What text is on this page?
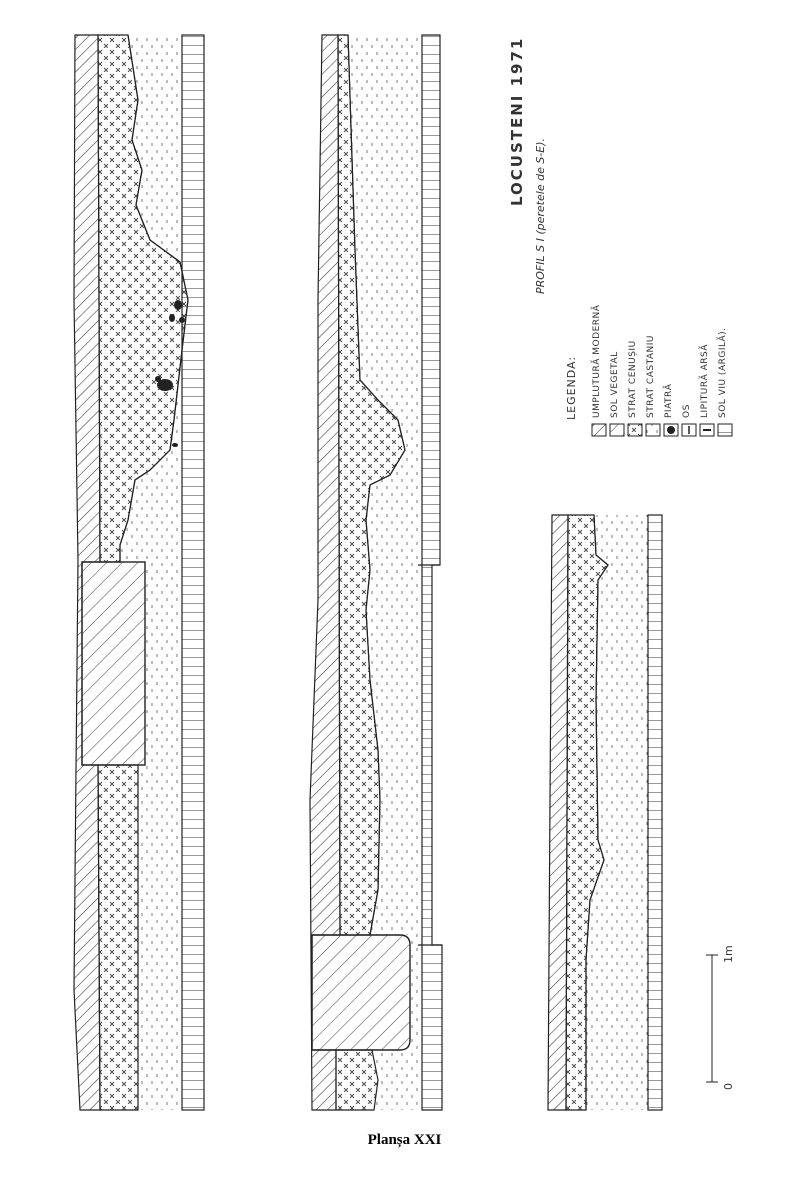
LOCUSTENI 1971
PROFIL S I (peretele de S-E).
LEGENDA: UMPLUTURĂ MODERNĂ SOL VEGETAL STRAT CENUȘIU STRAT CASTANIU PIATRĂ OS LIPITURĂ ARSĂ SOL VIU (ARGILĂ).
1m
0
Planșa XXI
